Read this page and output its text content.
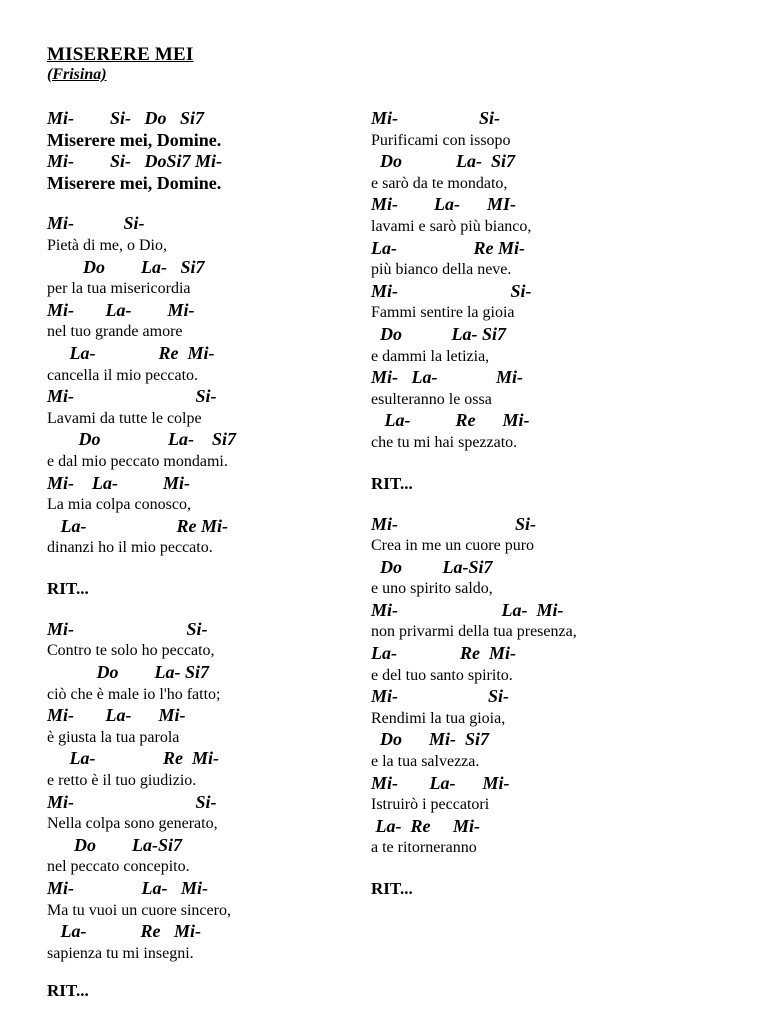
MISERERE MEI
(Frisina)
Mi-        Si-   Do   Si7
Miserere mei, Domine.
Mi-        Si-   DoSi7 Mi-
Miserere mei, Domine.
Mi-           Si-
Pietà di me, o Dio,
Do        La-   Si7
per la tua misericordia
Mi-       La-        Mi-
nel tuo grande amore
La-              Re  Mi-
cancella il mio peccato.
Mi-                           Si-
Lavami da tutte le colpe
Do               La-    Si7
e dal mio peccato mondami.
Mi-    La-          Mi-
La mia colpa conosco,
La-                    Re Mi-
dinanzi ho il mio peccato.
RIT...
Mi-                         Si-
Contro te solo ho peccato,
Do        La- Si7
ciò che è male io l'ho fatto;
Mi-       La-      Mi-
è giusta la tua parola
La-               Re  Mi-
e retto è il tuo giudizio.
Mi-                           Si-
Nella colpa sono generato,
Do        La-Si7
nel peccato concepito.
Mi-               La-   Mi-
Ma tu vuoi un cuore sincero,
La-            Re   Mi-
sapienza tu mi insegni.
RIT...
Mi-                  Si-
Purificami con issopo
Do            La-  Si7
e sarò da te mondato,
Mi-        La-      MI-
lavami e sarò più bianco,
La-                 Re Mi-
più bianco della neve.
Mi-                         Si-
Fammi sentire la gioia
Do           La- Si7
e dammi la letizia,
Mi-   La-             Mi-
esulteranno le ossa
La-          Re      Mi-
che tu mi hai spezzato.
RIT...
Mi-                          Si-
Crea in me un cuore puro
Do         La-Si7
e uno spirito saldo,
Mi-                       La-  Mi-
non privarmi della tua presenza,
La-              Re  Mi-
e del tuo santo spirito.
Mi-                    Si-
Rendimi la tua gioia,
Do      Mi-  Si7
e la tua salvezza.
Mi-       La-      Mi-
Istruirò i peccatori
La-  Re     Mi-
a te ritorneranno
RIT...
